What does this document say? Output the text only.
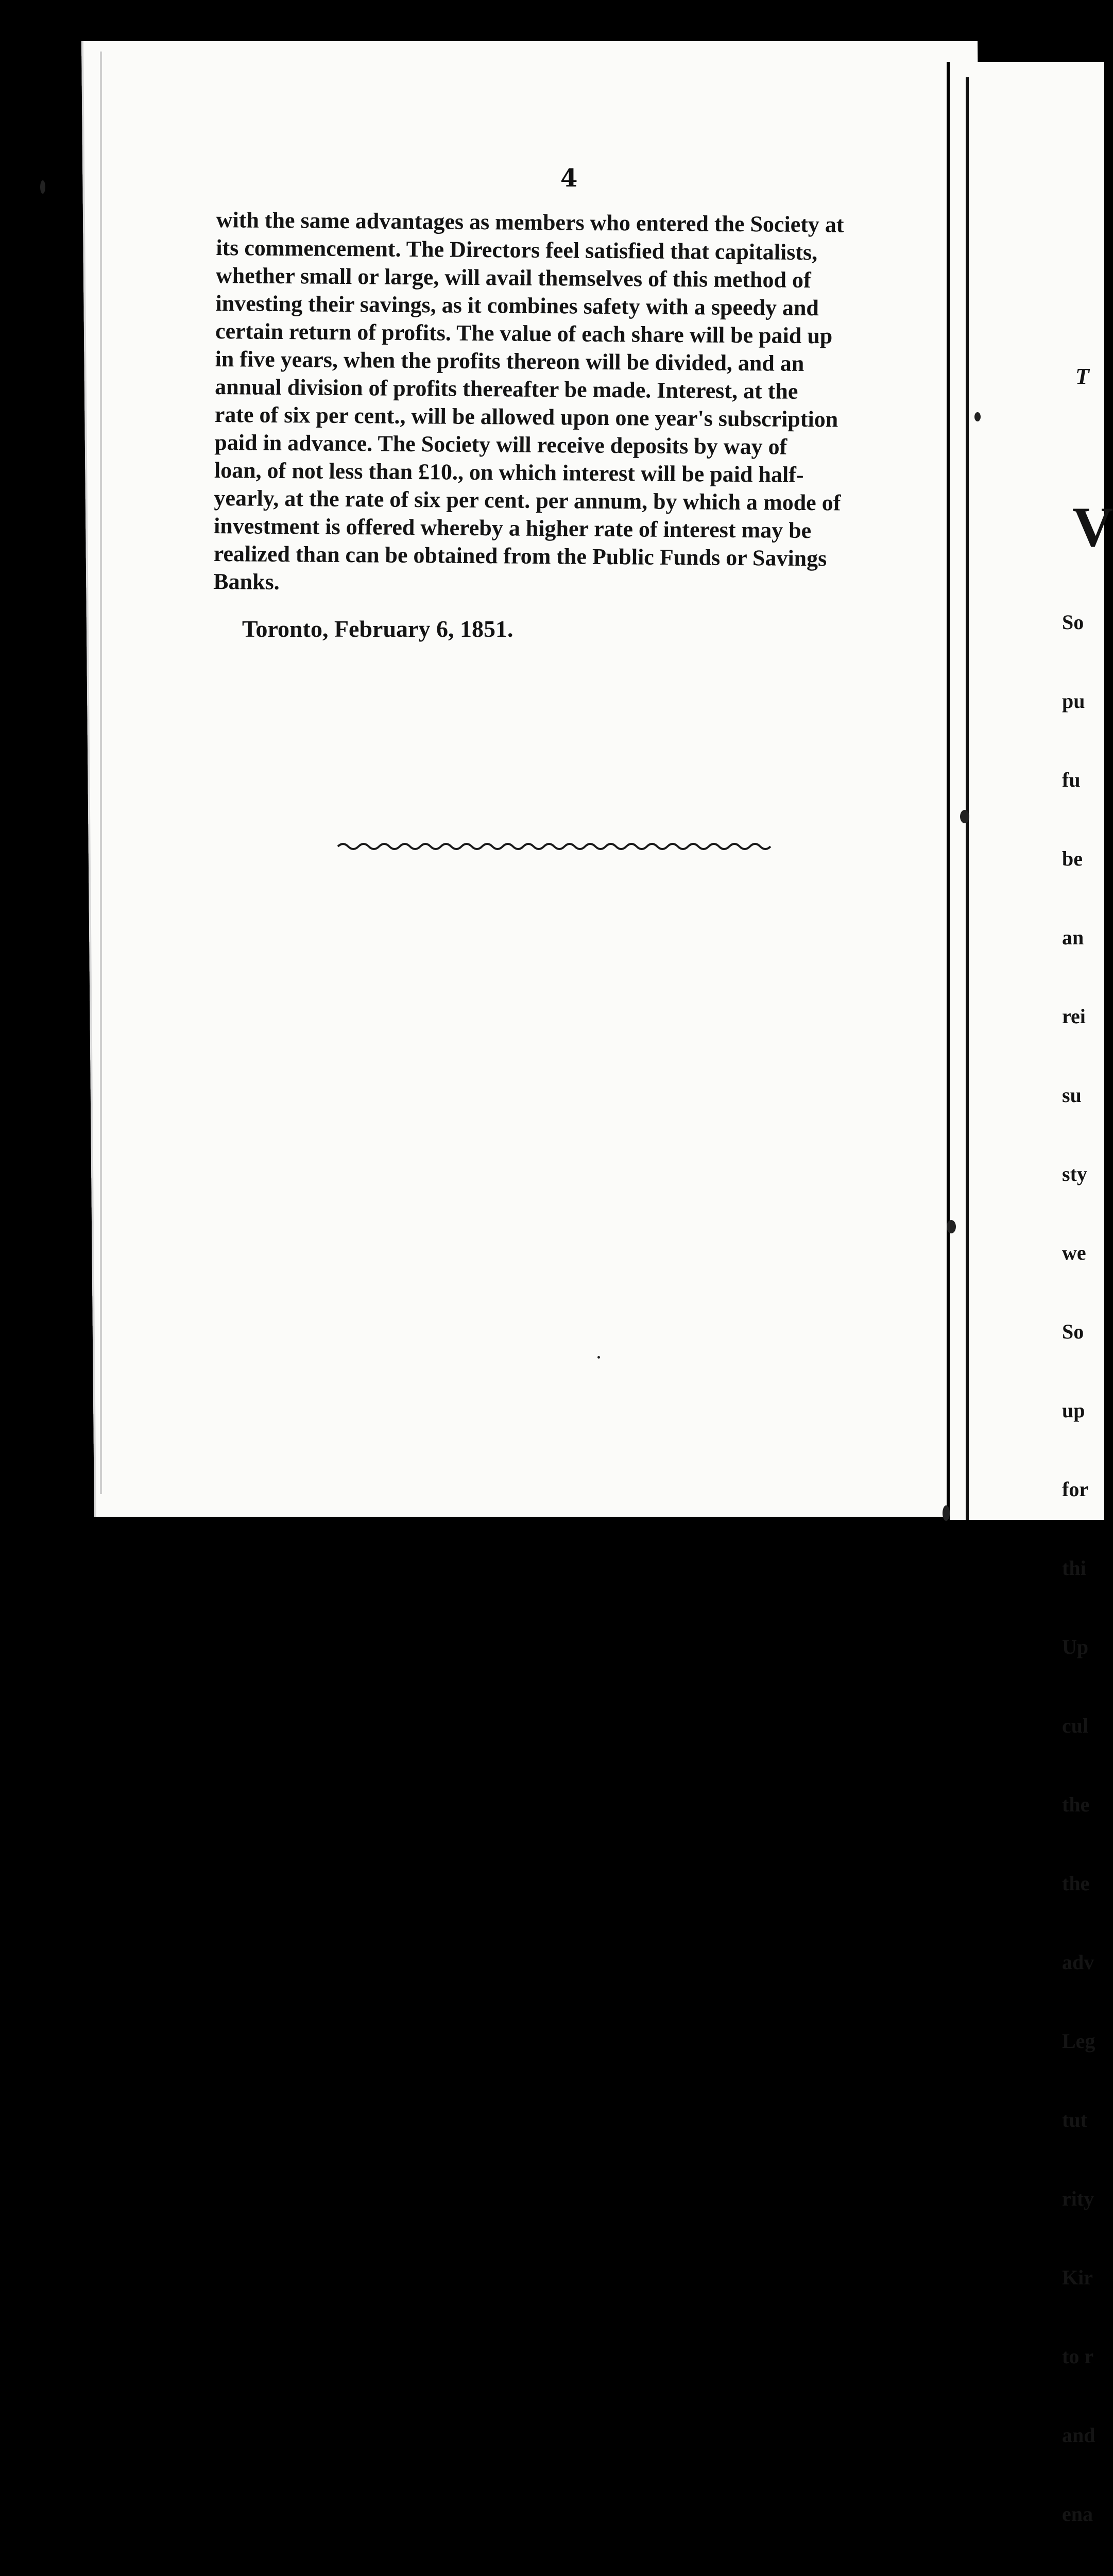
4

with the same advantages as members who entered the Society at

its commencement. The Directors feel satisfied that capitalists,

whether small or large, will avail themselves of this method of

investing their savings, as it combines safety with a speedy and

certain return of profits. The value of each share will be paid up

in five years, when the profits thereon will be divided, and an

annual division of profits thereafter be made. Interest, at the

rate of six per cent., will be allowed upon one year's subscription

paid in advance. The Society will receive deposits by way of

loan, of not less than £10., on which interest will be paid half-

yearly, at the rate of six per cent. per annum, by which a mode of

investment is offered whereby a higher rate of interest may be

realized than can be obtained from the Public Funds or Savings

Banks.

Toronto, February 6, 1851.
T
V

So

pu

fu

be

an

rei

su

sty

we

So

up

for

thi

Up

cul

the

the

adv

Leg

tut

rity

Kir

to r

and

ena
